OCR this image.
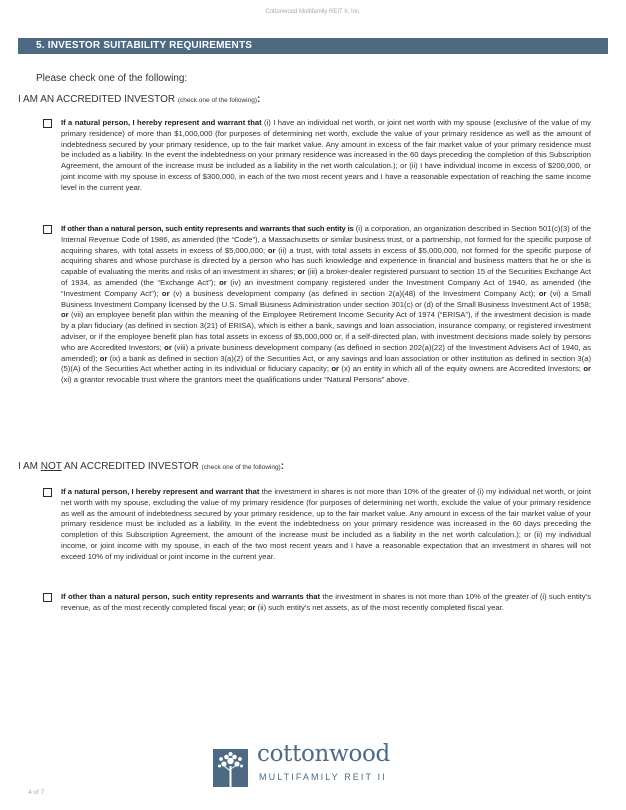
Cottonwood Multifamily REIT II, Inc.
5. INVESTOR SUITABILITY REQUIREMENTS
Please check one of the following:
I AM AN ACCREDITED INVESTOR (check one of the following):
If a natural person, I hereby represent and warrant that (i) I have an individual net worth, or joint net worth with my spouse (exclusive of the value of my primary residence) of more than $1,000,000 (for purposes of determining net worth, exclude the value of your primary residence as well as the amount of indebtedness secured by your primary residence, up to the fair market value. Any amount in excess of the fair market value of your primary residence must be included as a liability. In the event the indebtedness on your primary residence was increased in the 60 days preceding the completion of this Subscription Agreement, the amount of the increase must be included as a liability in the net worth calculation.); or (ii) I have individual income in excess of $200,000, or joint income with my spouse in excess of $300,000, in each of the two most recent years and I have a reasonable expectation of reaching the same income level in the current year.
If other than a natural person, such entity represents and warrants that such entity is (i) a corporation, an organization described in Section 501(c)(3) of the Internal Revenue Code of 1986, as amended (the “Code”), a Massachusetts or similar business trust, or a partnership, not formed for the specific purpose of acquiring shares, with total assets in excess of $5,000,000; or (ii) a trust, with total assets in excess of $5,000,000, not formed for the specific purpose of acquiring shares and whose purchase is directed by a person who has such knowledge and experience in financial and business matters that he or she is capable of evaluating the merits and risks of an investment in shares; or (iii) a broker-dealer registered pursuant to section 15 of the Securities Exchange Act of 1934, as amended (the “Exchange Act”); or (iv) an investment company registered under the Investment Company Act of 1940, as amended (the “Investment Company Act”); or (v) a business development company (as defined in section 2(a)(48) of the Investment Company Act); or (vi) a Small Business Investment Company licensed by the U.S. Small Business Administration under section 301(c) or (d) of the Small Business Investment Act of 1958; or (vii) an employee benefit plan within the meaning of the Employee Retirement Income Security Act of 1974 (“ERISA”), if the investment decision is made by a plan fiduciary (as defined in section 3(21) of ERISA), which is either a bank, savings and loan association, insurance company, or registered investment adviser, or if the employee benefit plan has total assets in excess of $5,000,000 or, if a self-directed plan, with investment decisions made solely by persons who are Accredited Investors; or (viii) a private business development company (as defined in section 202(a)(22) of the Investment Advisers Act of 1940, as amended); or (ix) a bank as defined in section 3(a)(2) of the Securities Act, or any savings and loan association or other institution as defined in section 3(a)(5)(A) of the Securities Act whether acting in its individual or fiduciary capacity; or (x) an entity in which all of the equity owners are Accredited Investors; or (xi) a grantor revocable trust where the grantors meet the qualifications under “Natural Persons” above.
I AM NOT AN ACCREDITED INVESTOR (check one of the following):
If a natural person, I hereby represent and warrant that the investment in shares is not more than 10% of the greater of (i) my individual net worth, or joint net worth with my spouse, excluding the value of my primary residence (for purposes of determining net worth, exclude the value of your primary residence as well as the amount of indebtedness secured by your primary residence, up to the fair market value. Any amount in excess of the fair market value of your primary residence must be included as a liability. In the event the indebtedness on your primary residence was increased in the 60 days preceding the completion of this Subscription Agreement, the amount of the increase must be included as a liability in the net worth calculation.); or (ii) my individual income, or joint income with my spouse, in each of the two most recent years and I have a reasonable expectation that an investment in shares will not exceed 10% of my individual or joint income in the current year.
If other than a natural person, such entity represents and warrants that the investment in shares is not more than 10% of the greater of (i) such entity’s revenue, as of the most recently completed fiscal year; or (ii) such entity’s net assets, as of the most recently completed fiscal year.
cottonwood
MULTIFAMILY REIT II
4 of 7
